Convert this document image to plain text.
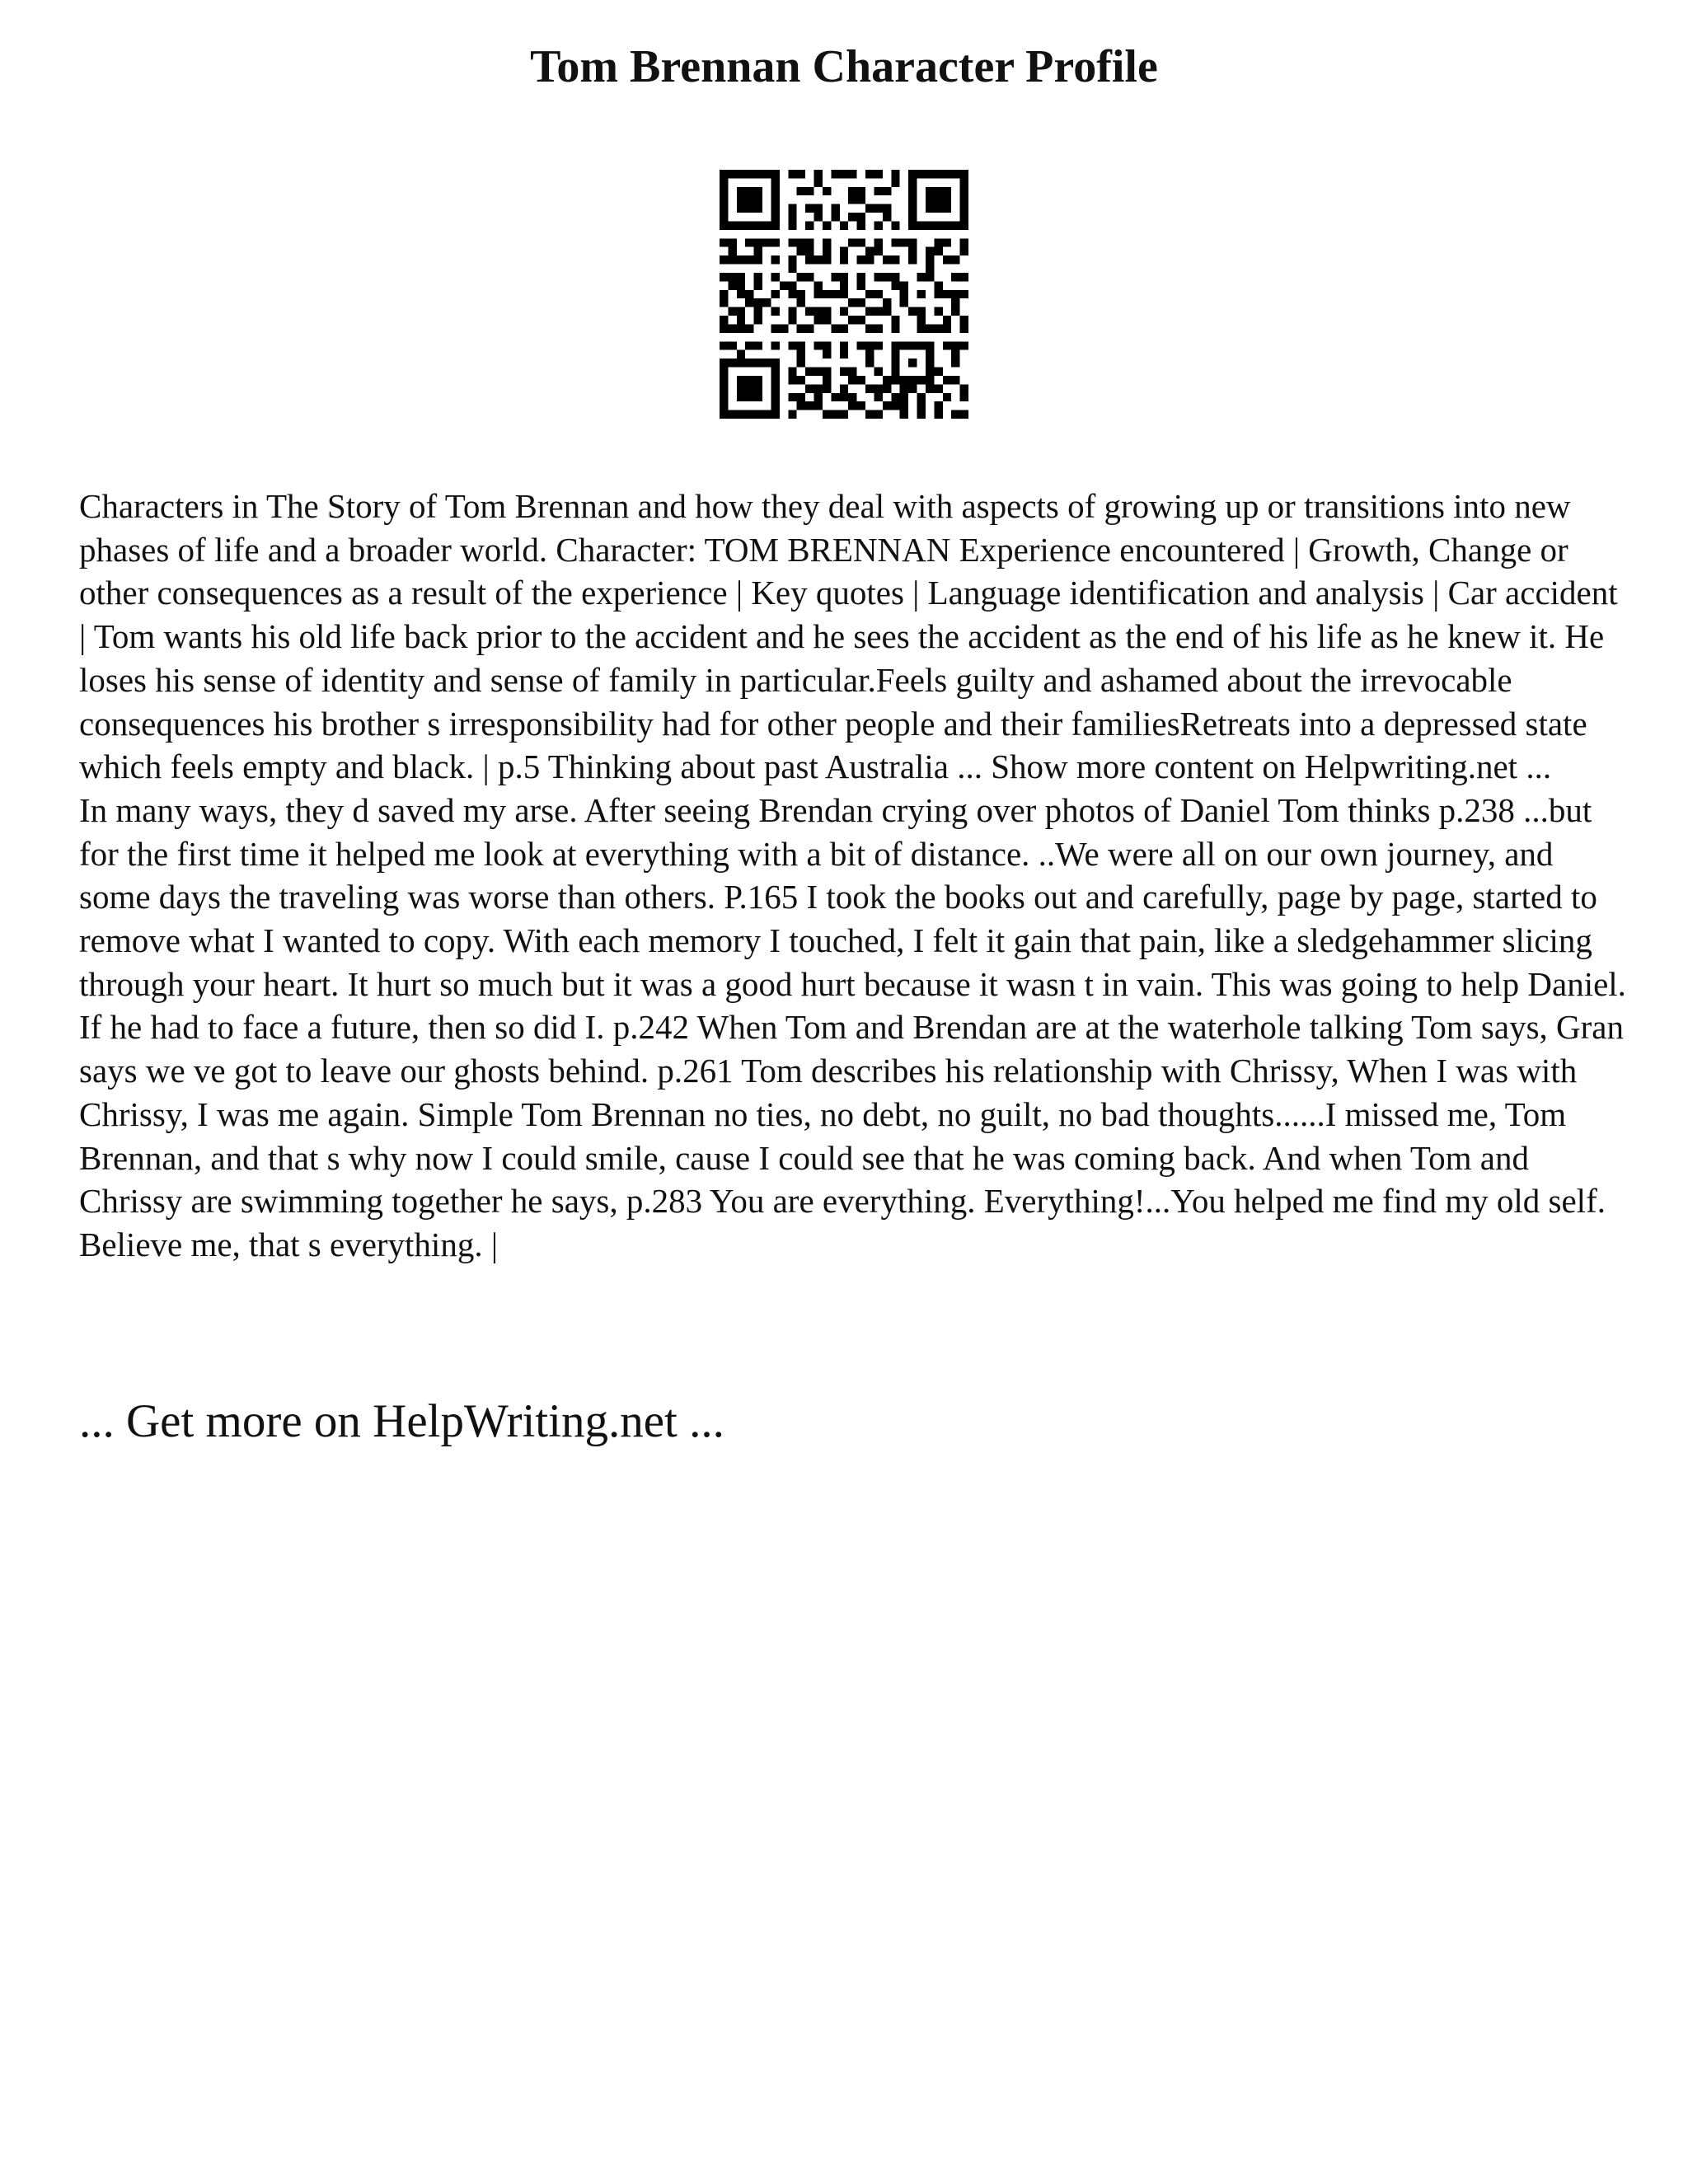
Tom Brennan Character Profile

Characters in The Story of Tom Brennan and how they deal with aspects of growing up or transitions into new phases of life and a broader world. Character: TOM BRENNAN Experience encountered | Growth, Change or other consequences as a result of the experience | Key quotes | Language identification and analysis | Car accident | Tom wants his old life back prior to the accident and he sees the accident as the end of his life as he knew it. He loses his sense of identity and sense of family in particular.Feels guilty and ashamed about the irrevocable consequences his brother s irresponsibility had for other people and their familiesRetreats into a depressed state which feels empty and black. | p.5 Thinking about past Australia ... Show more content on Helpwriting.net ...

In many ways, they d saved my arse. After seeing Brendan crying over photos of Daniel Tom thinks p.238 ...but for the first time it helped me look at everything with a bit of distance. ..We were all on our own journey, and some days the traveling was worse than others. P.165 I took the books out and carefully, page by page, started to remove what I wanted to copy. With each memory I touched, I felt it gain that pain, like a sledgehammer slicing through your heart. It hurt so much but it was a good hurt because it wasn t in vain. This was going to help Daniel. If he had to face a future, then so did I. p.242 When Tom and Brendan are at the waterhole talking Tom says, Gran says we ve got to leave our ghosts behind. p.261 Tom describes his relationship with Chrissy, When I was with Chrissy, I was me again. Simple Tom Brennan no ties, no debt, no guilt, no bad thoughts......I missed me, Tom Brennan, and that s why now I could smile, cause I could see that he was coming back. And when Tom and Chrissy are swimming together he says, p.283 You are everything. Everything!...You helped me find my old self. Believe me, that s everything. |

... Get more on HelpWriting.net ...
